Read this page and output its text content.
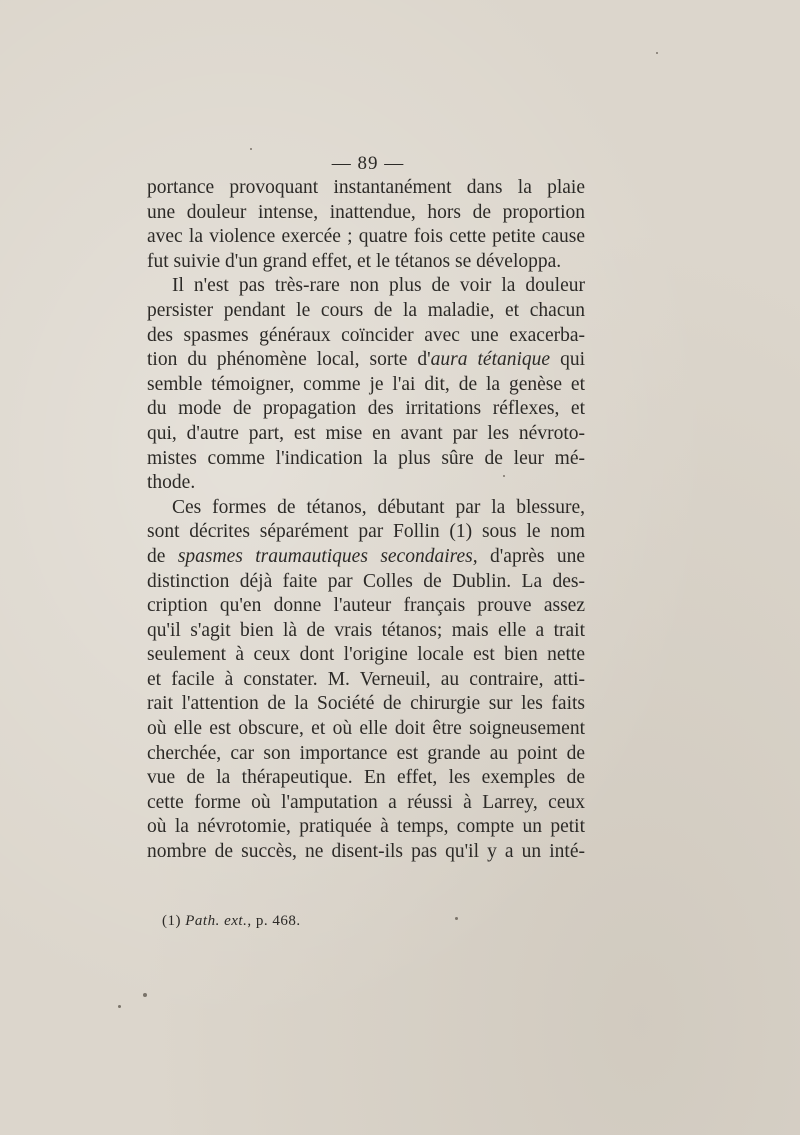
— 89 —
portance provoquant instantanément dans la plaie
une douleur intense, inattendue, hors de proportion
avec la violence exercée ; quatre fois cette petite cause
fut suivie d'un grand effet, et le tétanos se développa.
Il n'est pas très-rare non plus de voir la douleur
persister pendant le cours de la maladie, et chacun
des spasmes généraux coïncider avec une exacerba-
tion du phénomène local, sorte d'aura tétanique qui
semble témoigner, comme je l'ai dit, de la genèse et
du mode de propagation des irritations réflexes, et
qui, d'autre part, est mise en avant par les névroto-
mistes comme l'indication la plus sûre de leur mé-
thode.
Ces formes de tétanos, débutant par la blessure,
sont décrites séparément par Follin (1) sous le nom
de spasmes traumautiques secondaires, d'après une
distinction déjà faite par Colles de Dublin. La des-
cription qu'en donne l'auteur français prouve assez
qu'il s'agit bien là de vrais tétanos; mais elle a trait
seulement à ceux dont l'origine locale est bien nette
et facile à constater. M. Verneuil, au contraire, atti-
rait l'attention de la Société de chirurgie sur les faits
où elle est obscure, et où elle doit être soigneusement
cherchée, car son importance est grande au point de
vue de la thérapeutique. En effet, les exemples de
cette forme où l'amputation a réussi à Larrey, ceux
où la névrotomie, pratiquée à temps, compte un petit
nombre de succès, ne disent-ils pas qu'il y a un inté-
(1) Path. ext., p. 468.
